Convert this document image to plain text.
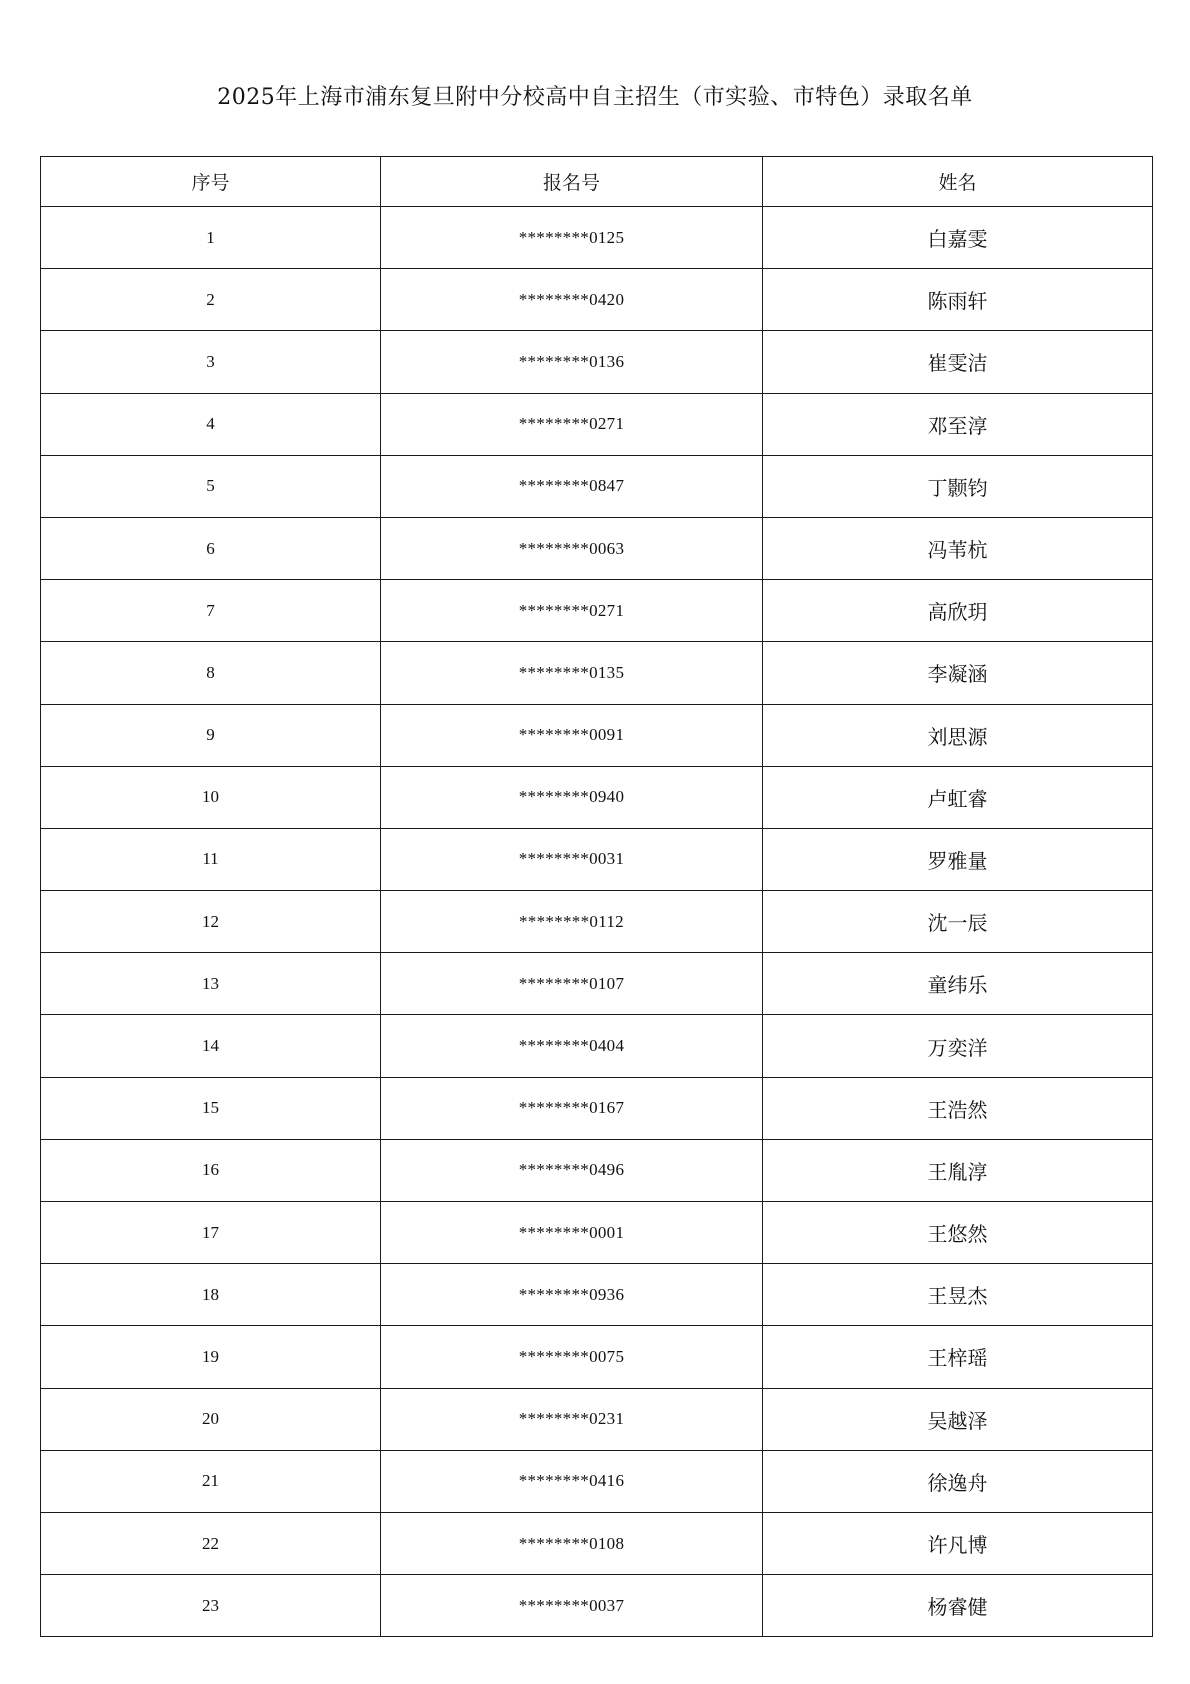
2025年上海市浦东复旦附中分校高中自主招生（市实验、市特色）录取名单
序号	报名号	姓名
1	********0125	白嘉雯
2	********0420	陈雨轩
3	********0136	崔雯洁
4	********0271	邓至淳
5	********0847	丁颢钧
6	********0063	冯苇杭
7	********0271	高欣玥
8	********0135	李凝涵
9	********0091	刘思源
10	********0940	卢虹睿
11	********0031	罗雅量
12	********0112	沈一辰
13	********0107	童纬乐
14	********0404	万奕洋
15	********0167	王浩然
16	********0496	王胤淳
17	********0001	王悠然
18	********0936	王昱杰
19	********0075	王梓瑶
20	********0231	吴越泽
21	********0416	徐逸舟
22	********0108	许凡博
23	********0037	杨睿健
